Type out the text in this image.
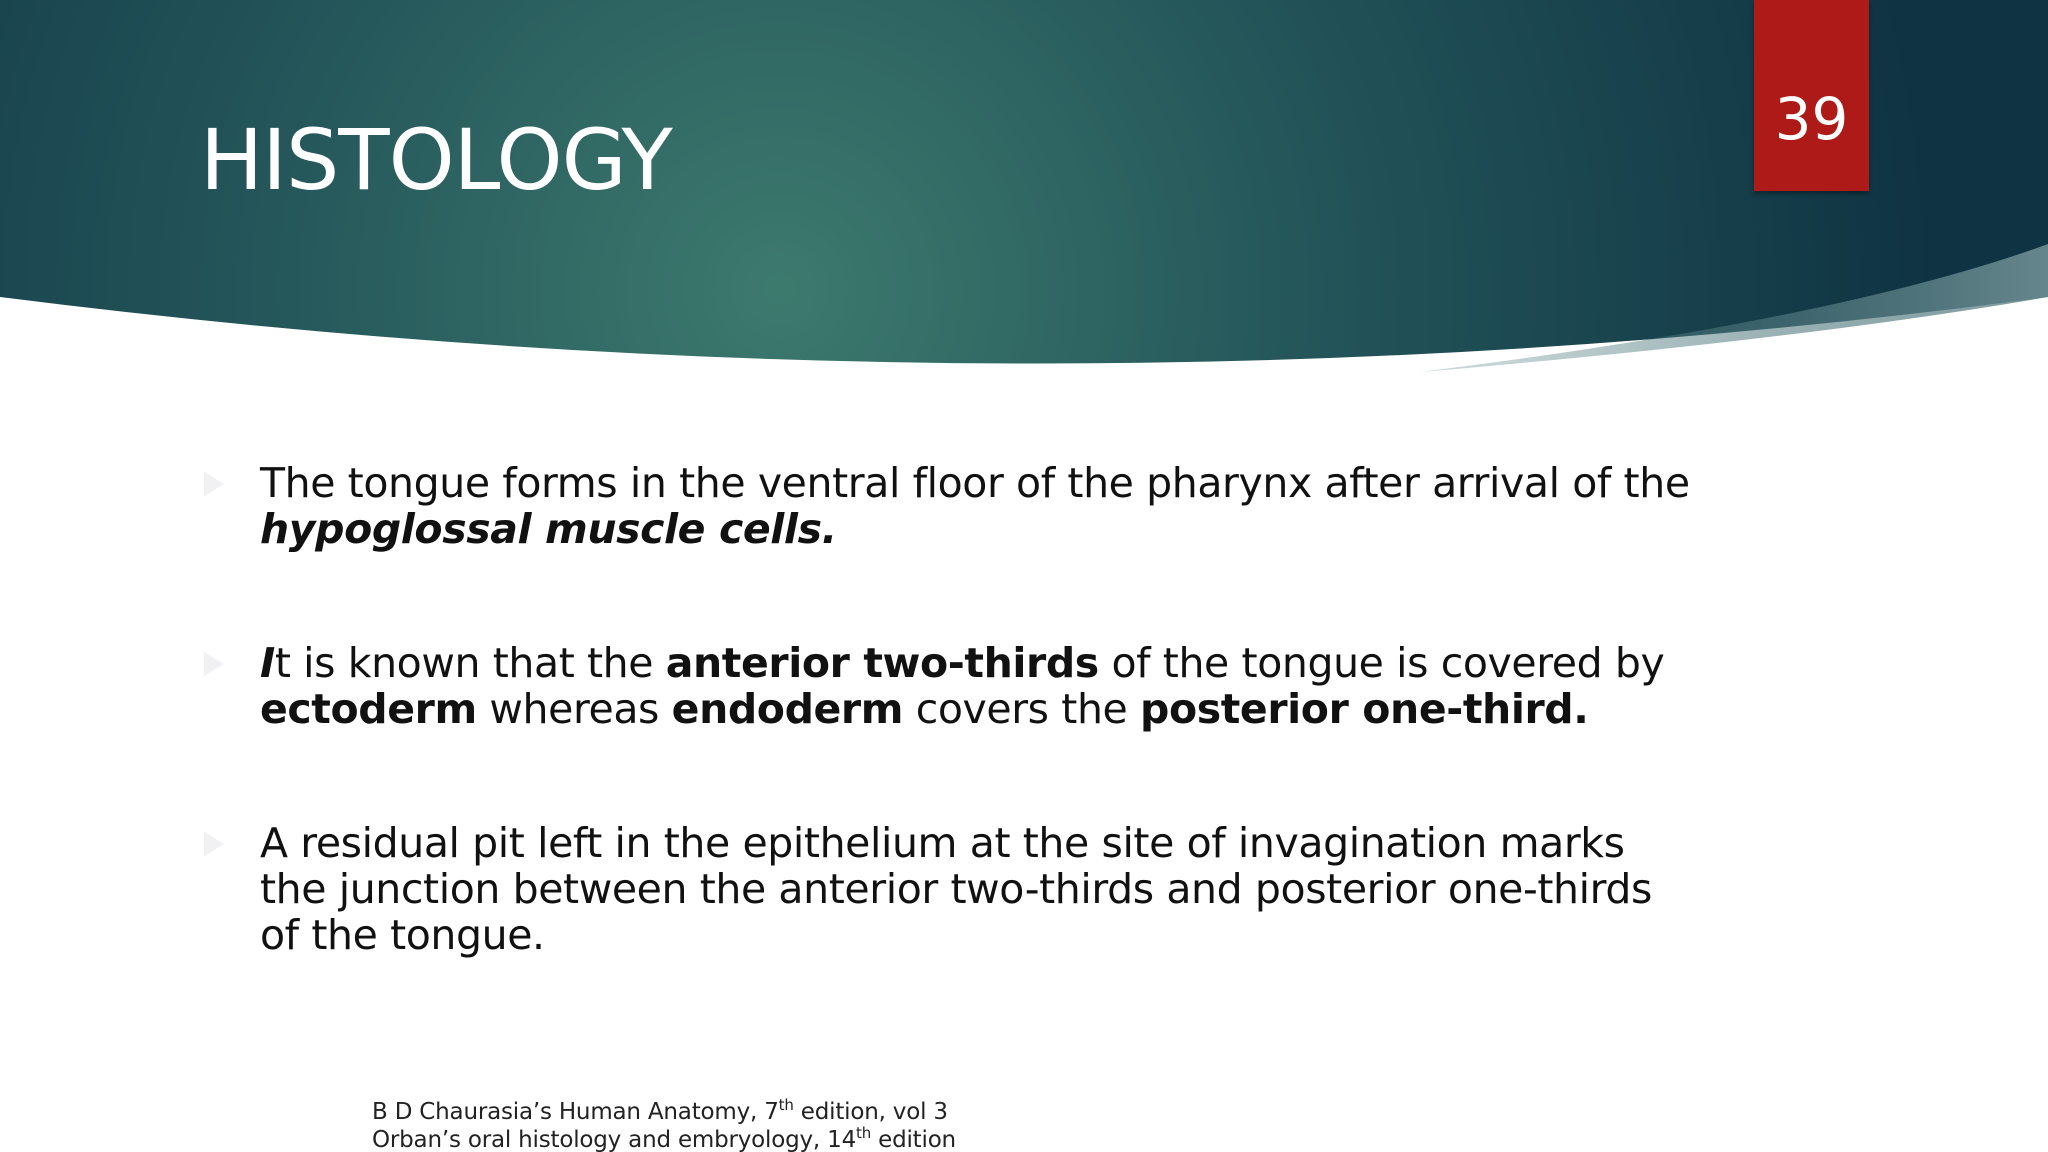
HISTOLOGY	39
The tongue forms in the ventral floor of the pharynx after arrival of the hypoglossal muscle cells.
It is known that the anterior two-thirds of the tongue is covered by ectoderm whereas endoderm covers the posterior one-third.
A residual pit left in the epithelium at the site of invagination marks the junction between the anterior two-thirds and posterior one-thirds of the tongue.
B D Chaurasia’s Human Anatomy, 7th edition, vol 3
Orban’s oral histology and embryology, 14th edition
